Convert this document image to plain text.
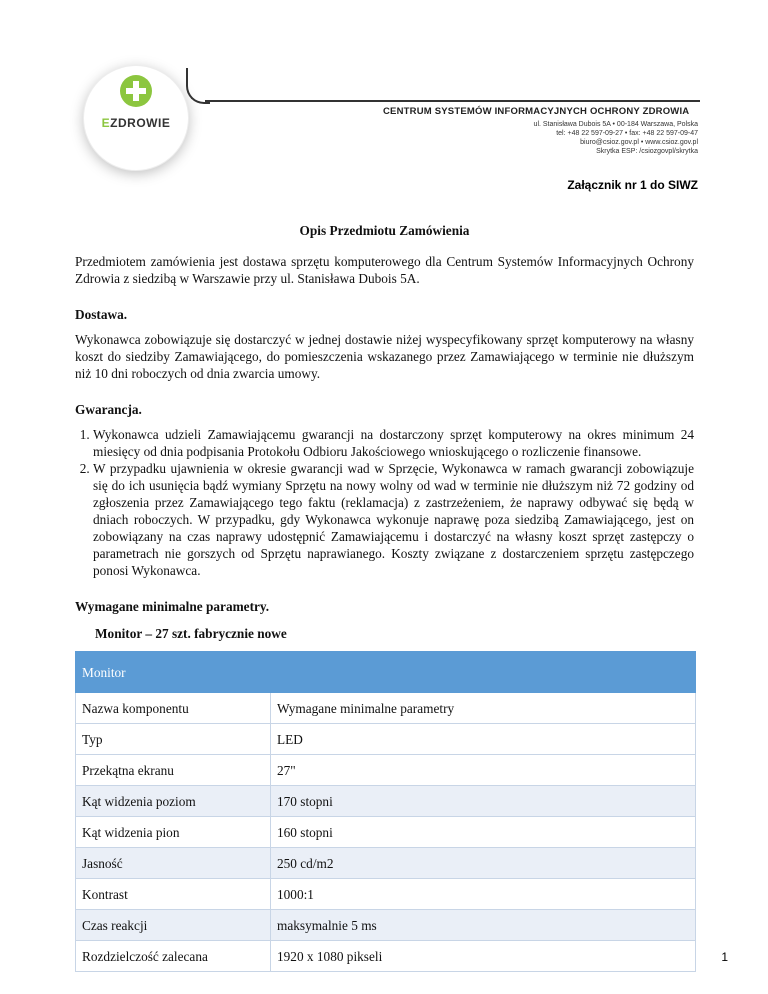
EZDROWIE
CENTRUM SYSTEMÓW INFORMACYJNYCH OCHRONY ZDROWIA
ul. Stanisława Dubois 5A • 00-184 Warszawa, Polska
tel: +48 22 597-09-27 • fax: +48 22 597-09-47
biuro@csioz.gov.pl • www.csioz.gov.pl
Skrytka ESP: /csiozgovpl/skrytka
Załącznik nr 1 do SIWZ
Opis Przedmiotu Zamówienia

Przedmiotem zamówienia jest dostawa sprzętu komputerowego dla Centrum Systemów Informacyjnych Ochrony Zdrowia z siedzibą w Warszawie przy ul. Stanisława Dubois 5A.

Dostawa.

Wykonawca zobowiązuje się dostarczyć w jednej dostawie niżej wyspecyfikowany sprzęt komputerowy na własny koszt do siedziby Zamawiającego, do pomieszczenia wskazanego przez Zamawiającego w terminie nie dłuższym niż 10 dni roboczych od dnia zwarcia umowy.

Gwarancja.
1. Wykonawca udzieli Zamawiającemu gwarancji na dostarczony sprzęt komputerowy na okres minimum 24 miesięcy od dnia podpisania Protokołu Odbioru Jakościowego wnioskującego o rozliczenie finansowe.
2. W przypadku ujawnienia w okresie gwarancji wad w Sprzęcie, Wykonawca w ramach gwarancji zobowiązuje się do ich usunięcia bądź wymiany Sprzętu na nowy wolny od wad w terminie nie dłuższym niż 72 godziny od zgłoszenia przez Zamawiającego tego faktu (reklamacja) z zastrzeżeniem, że naprawy odbywać się będą w dniach roboczych. W przypadku, gdy Wykonawca wykonuje naprawę poza siedzibą Zamawiającego, jest on zobowiązany na czas naprawy udostępnić Zamawiającemu i dostarczyć na własny koszt sprzęt zastępczy o parametrach nie gorszych od Sprzętu naprawianego. Koszty związane z dostarczeniem sprzętu zastępczego ponosi Wykonawca.
Wymagane minimalne parametry.
Monitor – 27 szt. fabrycznie nowe
Monitor	
Nazwa komponentu	Wymagane minimalne parametry
Typ	LED
Przekątna ekranu	27"
Kąt widzenia poziom	170 stopni
Kąt widzenia pion	160 stopni
Jasność	250 cd/m2
Kontrast	1000:1
Czas reakcji	maksymalnie 5 ms
Rozdzielczość zalecana	1920 x 1080 pikseli	1
